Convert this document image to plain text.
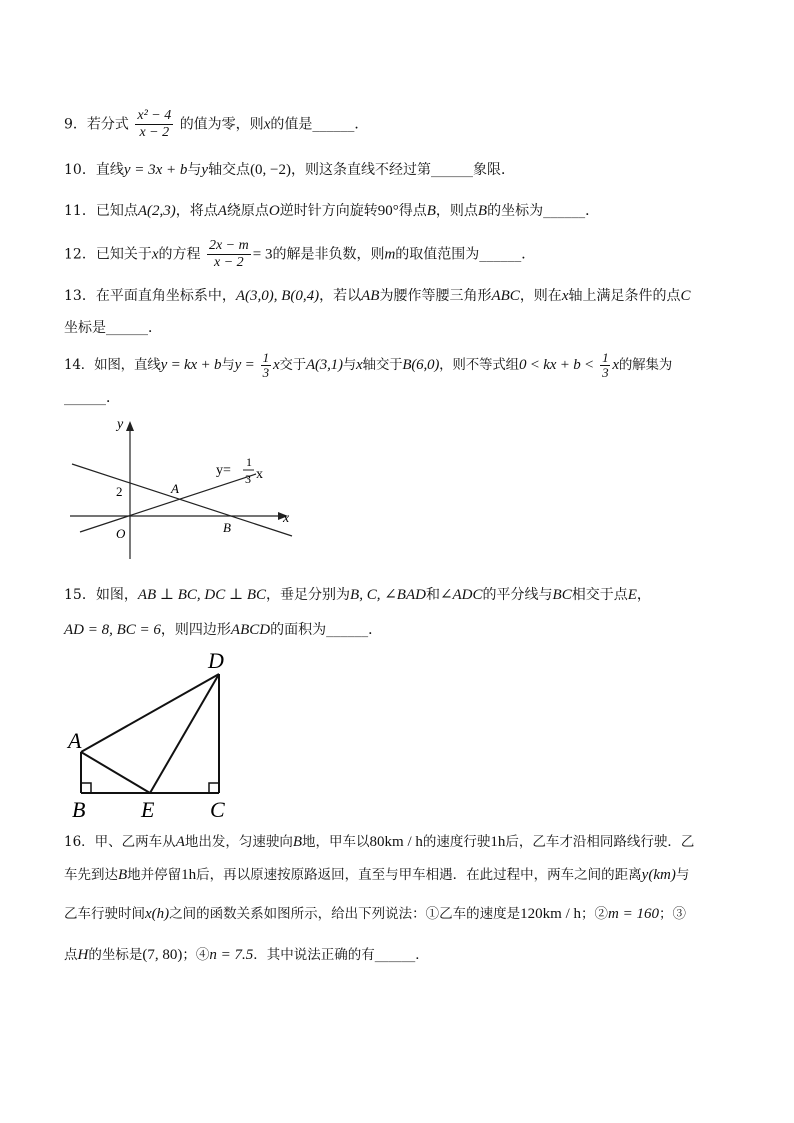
9．若分式 $\frac{\text{x² − 4}}{x - 2}$ 的值为零，则x的值是______．
10．直线y = 3x + b与y轴交点(0, −2)，则这条直线不经过第______象限．
11．已知点A(2,3)，将点A绕原点O逆时针方向旋转90°得点B，则点B的坐标为______．
12．已知关于x的方程 $\frac{2x - m}{x - 2} = 3$的解是非负数，则m的取值范围为______．
13．在平面直角坐标系中，A(3,0), B(0,4)，若以AB为腰作等腰三角形ABC，则在x轴上满足条件的点C
坐标是______．
14．如图，直线y = kx + b与$y = \frac{1}{3}$ x交于A(3,1)与x轴交于B(6,0)，则不等式组0 < kx + $b < \frac{1}{3}$ x的解集为
______．
y
x
O
2	A
B
y=
1
3 x
15．如图，AB ⊥ BC, DC ⊥ BC，垂足分别为B, C, ∠BAD和∠ADC的平分线与BC相交于点E，
AD = 8, BC = 6，则四边形ABCD的面积为______．
A
B	E	C
D
16．甲、乙两车从A地出发，匀速驶向B地，甲车以80km / h的速度行驶1h后，乙车才沿相同路线行驶．乙
车先到达B地并停留1h后，再以原速按原路返回，直至与甲车相遇．在此过程中，两车之间的距离y(km)与
乙车行驶时间x(h)之间的函数关系如图所示，给出下列说法：①乙车的速度是120km / h；②m = 160；③
点H的坐标是(7, 80)；④n = 7.5．其中说法正确的有______．
